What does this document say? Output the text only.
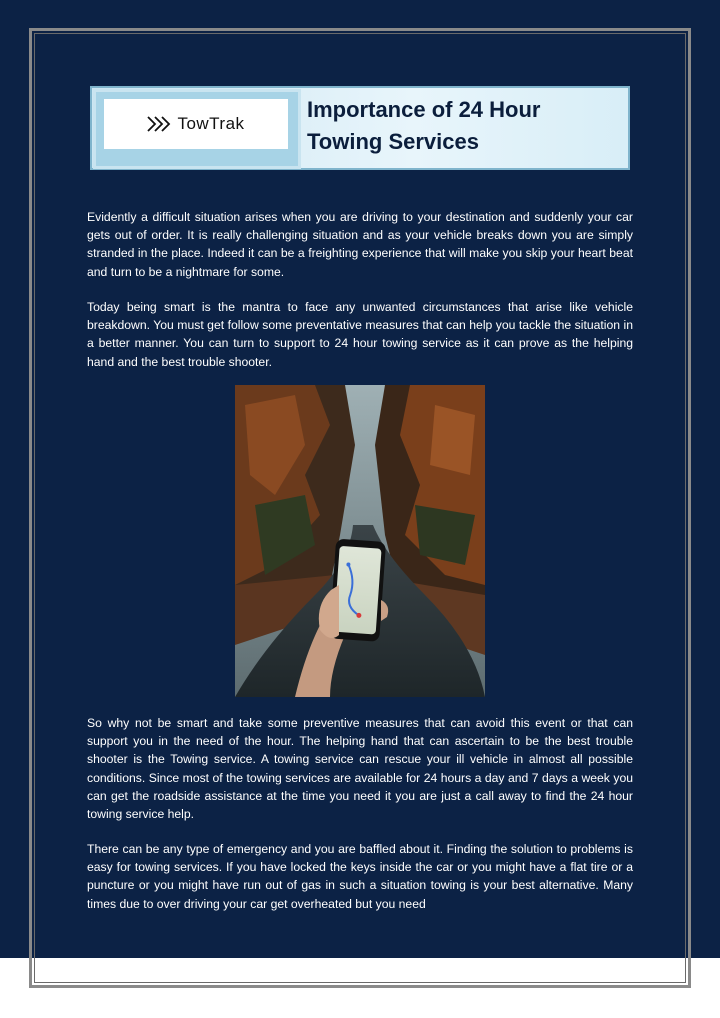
TowTrak
Importance of 24 Hour
Towing Services

Evidently a difficult situation arises when you are driving to your destination and suddenly your car gets out of order. It is really challenging situation and as your vehicle breaks down you are simply stranded in the place. Indeed it can be a freighting experience that will make you skip your heart beat and turn to be a nightmare for some.

Today being smart is the mantra to face any unwanted circumstances that arise like vehicle breakdown. You must get follow some preventative measures that can help you tackle the situation in a better manner. You can turn to support to 24 hour towing service as it can prove as the helping hand and the best trouble shooter.

So why not be smart and take some preventive measures that can avoid this event or that can support you in the need of the hour. The helping hand that can ascertain to be the best trouble shooter is the Towing service. A towing service can rescue your ill vehicle in almost all possible conditions. Since most of the towing services are available for 24 hours a day and 7 days a week you can get the roadside assistance at the time you need it you are just a call away to find the 24 hour towing service help.

There can be any type of emergency and you are baffled about it. Finding the solution to problems is easy for towing services. If you have locked the keys inside the car or you might have a flat tire or a puncture or you might have run out of gas in such a situation towing is your best alternative. Many times due to over driving your car get overheated but you need
